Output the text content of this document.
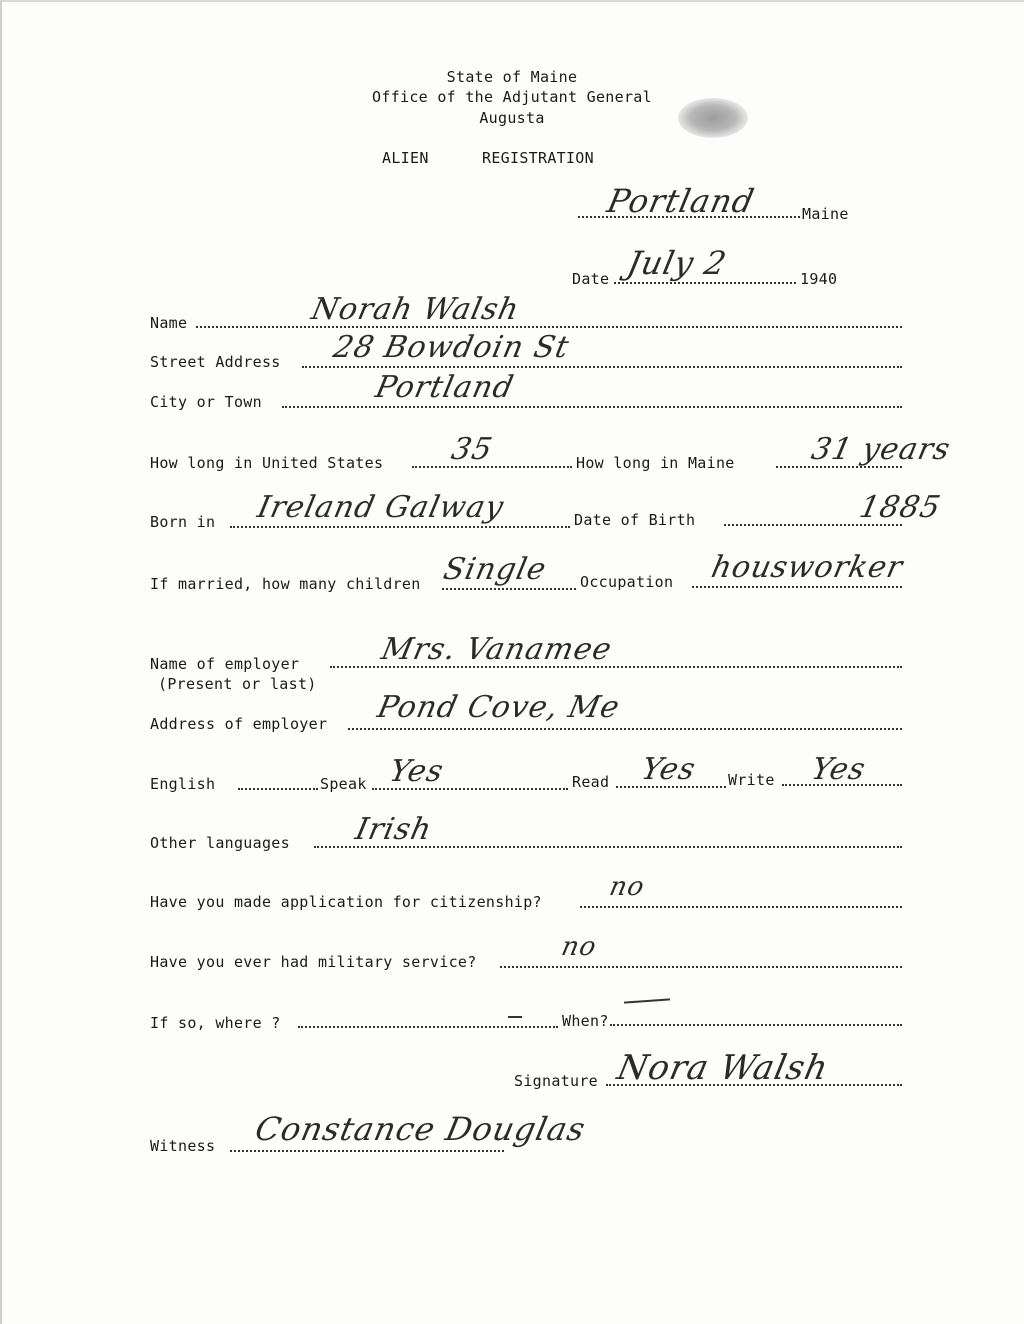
State of Maine
Office of the Adjutant General
Augusta
ALIEN	REGISTRATION
Portland	Maine
Date July 2	1940
Name	Norah Walsh
Street Address 28 Bowdoin St
City or Town	Portland
How long in United States 35	How long in Maine 31 years
Born in Ireland Galway	Date of Birth	1885
If married, how many children Single Occupation housworker
Name of employer	Mrs. Vanamee
(Present or last)
Address of employer Pond Cove, Me
English	Speak Yes	Read Yes Write Yes
Other languages Irish
Have you made application for citizenship? no
Have you ever had military service?	no
If so, where ?	When?
Signature Nora Walsh
Witness Constance Douglas
